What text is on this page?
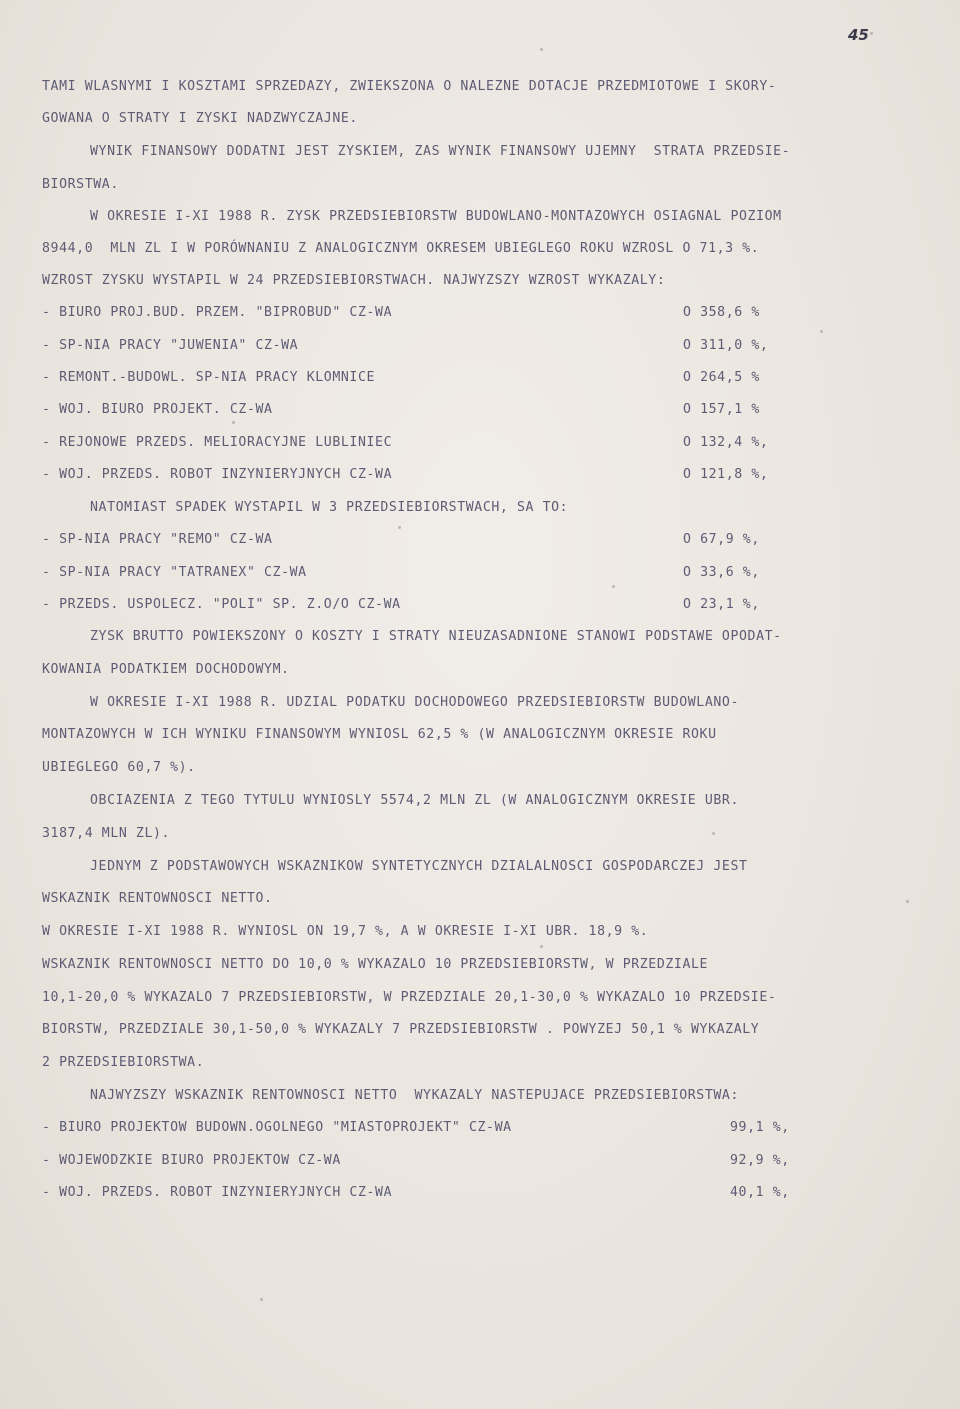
45
TAMI WLASNYMI I KOSZTAMI SPRZEDAZY, ZWIEKSZONA O NALEZNE DOTACJE PRZEDMIOTOWE I SKORY-
GOWANA O STRATY I ZYSKI NADZWYCZAJNE.
WYNIK FINANSOWY DODATNI JEST ZYSKIEM, ZAS WYNIK FINANSOWY UJEMNY  STRATA PRZEDSIE-
BIORSTWA.
W OKRESIE I-XI 1988 R. ZYSK PRZEDSIEBIORSTW BUDOWLANO-MONTAZOWYCH OSIAGNAL POZIOM
8944,0  MLN ZL I W PORÓWNANIU Z ANALOGICZNYM OKRESEM UBIEGLEGO ROKU WZROSL O 71,3 %.
WZROST ZYSKU WYSTAPIL W 24 PRZEDSIEBIORSTWACH. NAJWYZSZY WZROST WYKAZALY:
- BIURO PROJ.BUD. PRZEM. "BIPROBUD" CZ-WA	O 358,6 %
- SP-NIA PRACY "JUWENIA" CZ-WA	O 311,0 %,
- REMONT.-BUDOWL. SP-NIA PRACY KLOMNICE	O 264,5 %
- WOJ. BIURO PROJEKT. CZ-WA	O 157,1 %
- REJONOWE PRZEDS. MELIORACYJNE LUBLINIEC	O 132,4 %,
- WOJ. PRZEDS. ROBOT INZYNIERYJNYCH CZ-WA	O 121,8 %,
NATOMIAST SPADEK WYSTAPIL W 3 PRZEDSIEBIORSTWACH, SA TO:
- SP-NIA PRACY "REMO" CZ-WA	O 67,9 %,
- SP-NIA PRACY "TATRANEX" CZ-WA	O 33,6 %,
- PRZEDS. USPOLECZ. "POLI" SP. Z.O/O CZ-WA	O 23,1 %,
ZYSK BRUTTO POWIEKSZONY O KOSZTY I STRATY NIEUZASADNIONE STANOWI PODSTAWE OPODAT-
KOWANIA PODATKIEM DOCHODOWYM.
W OKRESIE I-XI 1988 R. UDZIAL PODATKU DOCHODOWEGO PRZEDSIEBIORSTW BUDOWLANO-
MONTAZOWYCH W ICH WYNIKU FINANSOWYM WYNIOSL 62,5 % (W ANALOGICZNYM OKRESIE ROKU
UBIEGLEGO 60,7 %).
OBCIAZENIA Z TEGO TYTULU WYNIOSLY 5574,2 MLN ZL (W ANALOGICZNYM OKRESIE UBR.
3187,4 MLN ZL).
JEDNYM Z PODSTAWOWYCH WSKAZNIKOW SYNTETYCZNYCH DZIALALNOSCI GOSPODARCZEJ JEST
WSKAZNIK RENTOWNOSCI NETTO.
W OKRESIE I-XI 1988 R. WYNIOSL ON 19,7 %, A W OKRESIE I-XI UBR. 18,9 %.
WSKAZNIK RENTOWNOSCI NETTO DO 10,0 % WYKAZALO 10 PRZEDSIEBIORSTW, W PRZEDZIALE
10,1-20,0 % WYKAZALO 7 PRZEDSIEBIORSTW, W PRZEDZIALE 20,1-30,0 % WYKAZALO 10 PRZEDSIE-
BIORSTW, PRZEDZIALE 30,1-50,0 % WYKAZALY 7 PRZEDSIEBIORSTW . POWYZEJ 50,1 % WYKAZALY
2 PRZEDSIEBIORSTWA.
NAJWYZSZY WSKAZNIK RENTOWNOSCI NETTO  WYKAZALY NASTEPUJACE PRZEDSIEBIORSTWA:
- BIURO PROJEKTOW BUDOWN.OGOLNEGO "MIASTOPROJEKT" CZ-WA	99,1 %,
- WOJEWODZKIE BIURO PROJEKTOW CZ-WA	92,9 %,
- WOJ. PRZEDS. ROBOT INZYNIERYJNYCH CZ-WA	40,1 %,
